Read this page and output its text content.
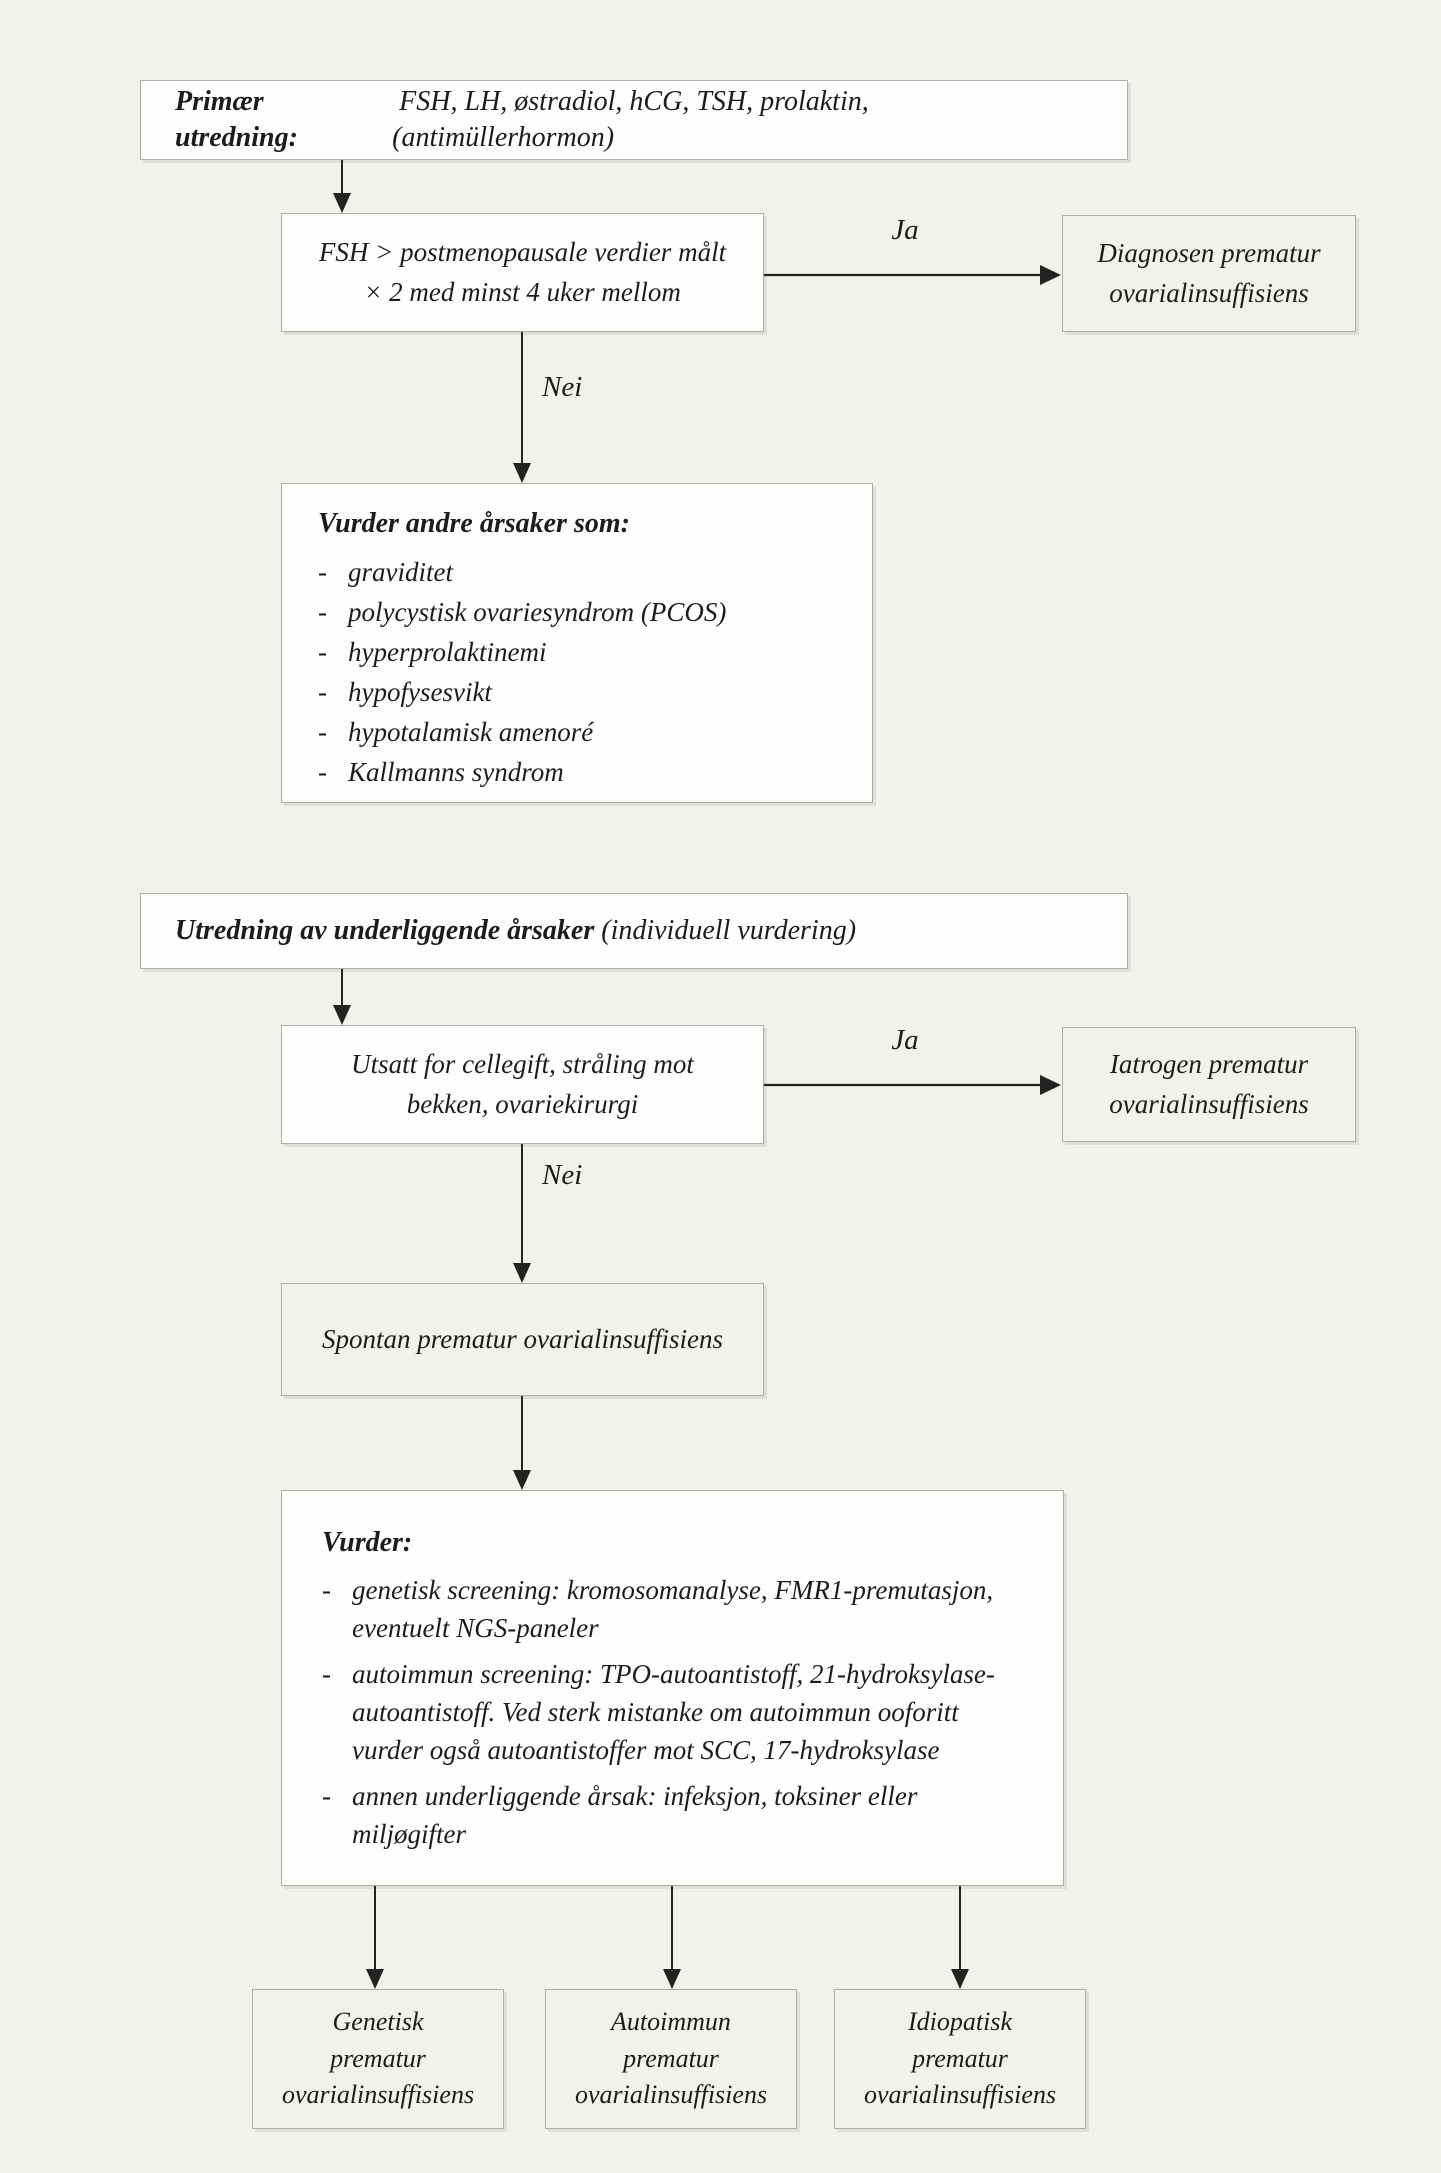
Primær utredning:
FSH, LH, østradiol, hCG, TSH, prolaktin, (antimüllerhormon)
FSH > postmenopausale verdier målt
× 2 med minst 4 uker mellom
Ja
Diagnosen prematur
ovarialinsuffisiens
Nei
Vurder andre årsaker som:
-
graviditet
-
polycystisk ovariesyndrom (PCOS)
-
hyperprolaktinemi
-
hypofysesvikt
-
hypotalamisk amenoré
-
Kallmanns syndrom
Utredning av underliggende årsaker (individuell vurdering)
Utsatt for cellegift, stråling mot
bekken, ovariekirurgi
Ja
Iatrogen prematur
ovarialinsuffisiens
Nei
Spontan prematur ovarialinsuffisiens
Vurder:
-
genetisk screening: kromosomanalyse, FMR1-premutasjon, eventuelt NGS-paneler
-
autoimmun screening: TPO-autoantistoff, 21-hydroksylase-autoantistoff. Ved sterk mistanke om autoimmun ooforitt vurder også autoantistoffer mot SCC, 17-hydroksylase
-
annen underliggende årsak: infeksjon, toksiner eller miljøgifter
Genetisk
prematur
ovarialinsuffisiens
Autoimmun
prematur
ovarialinsuffisiens
Idiopatisk
prematur
ovarialinsuffisiens
